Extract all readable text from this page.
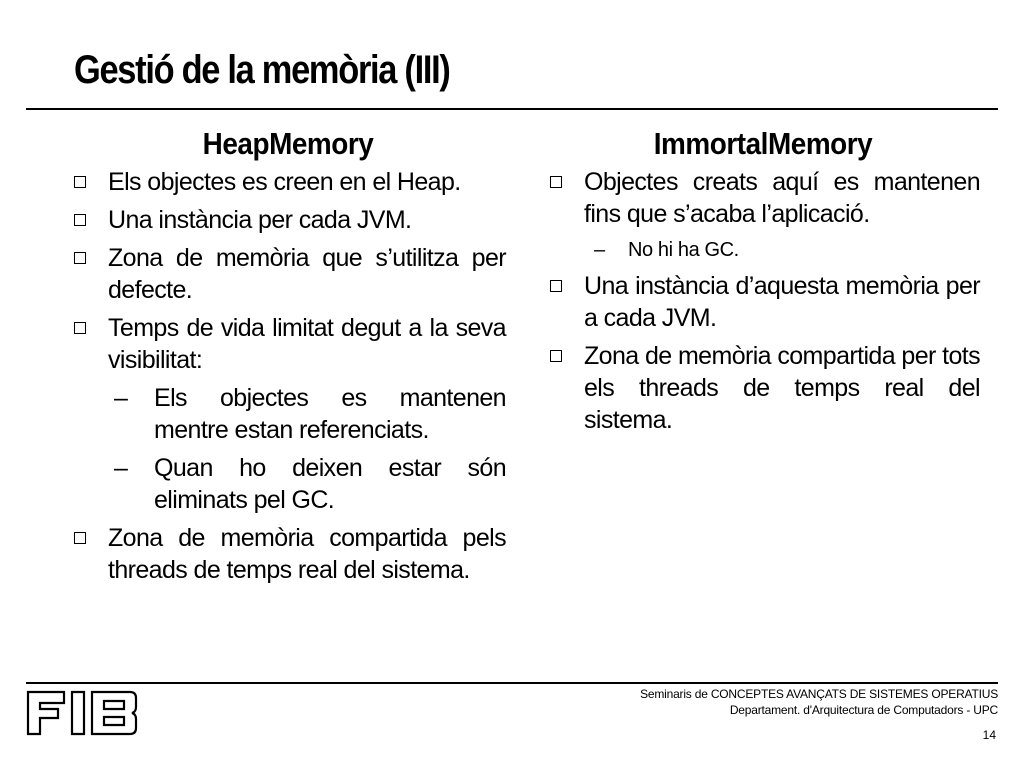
Gestió de la memòria (III)
HeapMemory
Els objectes es creen en el Heap.
Una instància per cada JVM.
Zona de memòria que s’utilitza per defecte.
Temps de vida limitat degut a la seva visibilitat:
– Els objectes es mantenen mentre estan referenciats.
– Quan ho deixen estar són eliminats pel GC.
Zona de memòria compartida pels threads de temps real del sistema.
ImmortalMemory
Objectes creats aquí es mantenen fins que s’acaba l’aplicació.
– No hi ha GC.
Una instància d’aquesta memòria per a cada JVM.
Zona de memòria compartida per tots els threads de temps real del sistema.
Seminaris de CONCEPTES AVANÇATS DE SISTEMES OPERATIUS
Departament. d'Arquitectura de Computadors - UPC
14
